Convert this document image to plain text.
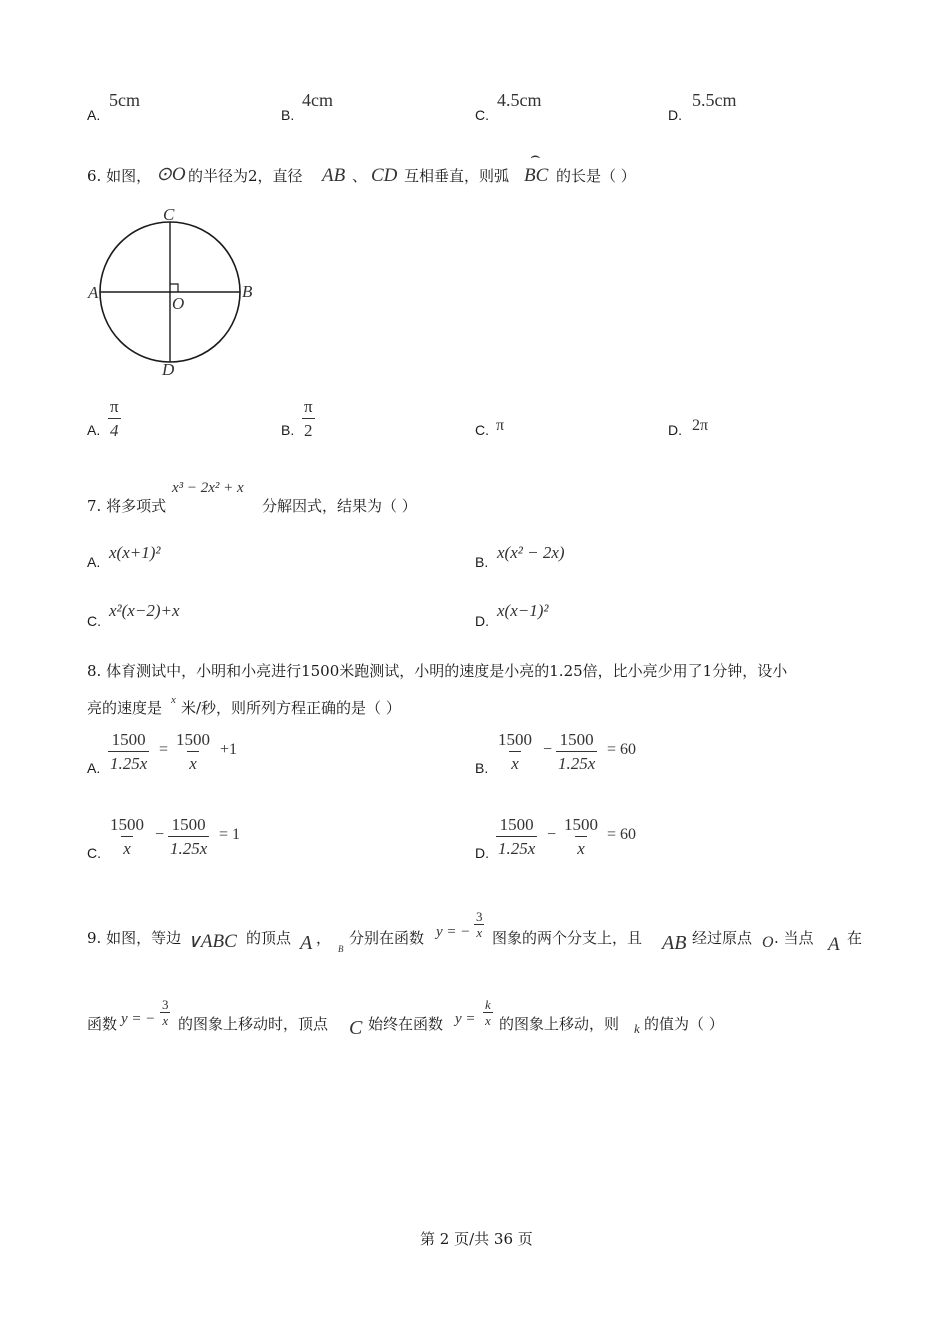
A.
5cm
B.
4cm
C.
4.5cm
D.
5.5cm
6. 如图， ⊙O 的半径为2，直径 AB 、 CD 互相垂直，则弧
⌢
BC 的长是（ ）
C
A
O
B
D
A. $\frac{\pi}{4}$	B. $\frac{\pi}{2}$	C. π	D. 2π
7. 将多项式
x³ − 2x² + x
分解因式，结果为（ ）
A. x(x+1)²	B. x(x² − 2x)
C.
x²(x−2)+x
D.
x(x−1)²
8. 体育测试中，小明和小亮进行1500米跑测试，小明的速度是小亮的1.25倍，比小亮少用了1分钟，设小
亮的速度是 x 米/秒，则所列方程正确的是（ ）
A. $\frac{1500}{1.25x} = \frac{1500}{x} +1$
B. $\frac{1500}{x} - \frac{1500}{1.25x} = 60$
C. $\frac{1500}{x} - \frac{1500}{1.25x} = 1$
D. $\frac{1500}{1.25x} - \frac{1500}{x} = 60$
9. 如图，等边 ∨ABC 的顶点 A ，
B
分别在函数 y = − $\frac{3}{x}$ 图象的两个分支上，且 AB 经过原点 O . 当点 A 在
函数 y = − $\frac{3}{x}$ 的图象上移动时，顶点 C 始终在函数 $y = \frac{k}{x}$ 的图象上移动，则 k 的值为（ ）
第 2 页/共 36 页
